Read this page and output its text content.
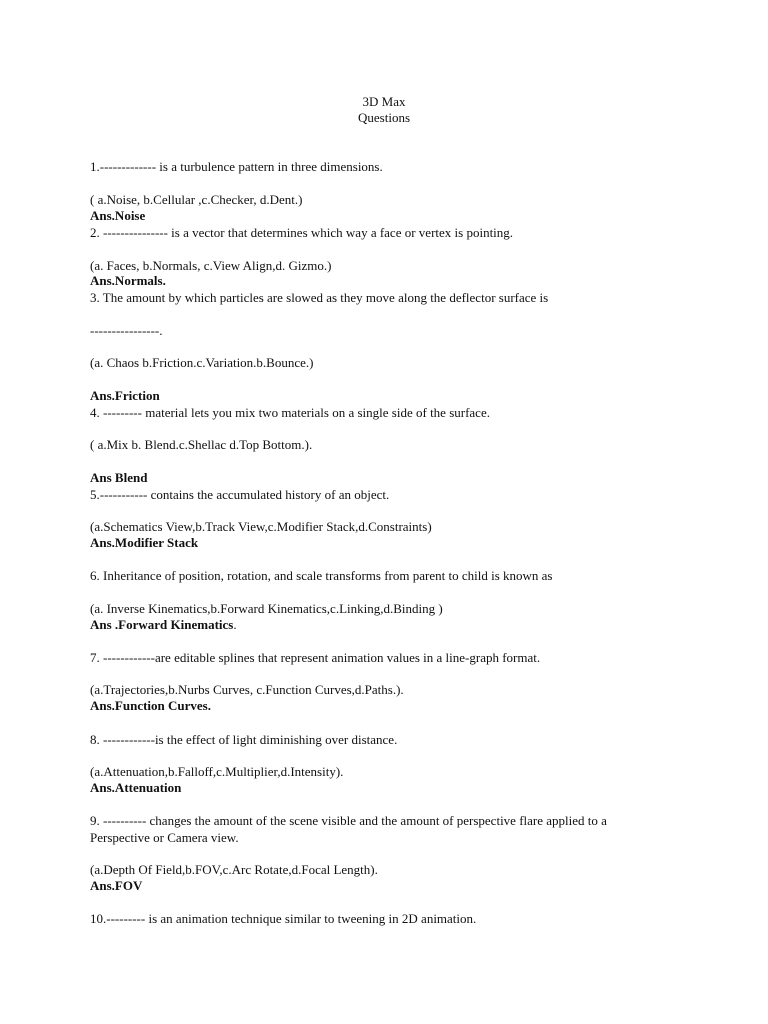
3D Max
Questions
1.------------- is a turbulence pattern in three dimensions.
( a.Noise, b.Cellular ,c.Checker, d.Dent.)
Ans.Noise
2. --------------- is a vector that determines which way a face or vertex is pointing.
(a. Faces, b.Normals, c.View Align,d. Gizmo.)
Ans.Normals.
3. The amount by which particles are slowed as they move along the deflector surface is
----------------.
(a. Chaos b.Friction.c.Variation.b.Bounce.)
Ans.Friction
4. --------- material lets you mix two materials on a single side of the surface.
( a.Mix b. Blend.c.Shellac d.Top Bottom.).
Ans Blend
5.----------- contains the accumulated history of an object.
(a.Schematics View,b.Track View,c.Modifier Stack,d.Constraints)
Ans.Modifier Stack
6. Inheritance of position, rotation, and scale transforms from parent to child is known as
(a. Inverse Kinematics,b.Forward Kinematics,c.Linking,d.Binding )
Ans .Forward Kinematics.
7. ------------are editable splines that represent animation values in a line-graph format.
(a.Trajectories,b.Nurbs Curves, c.Function Curves,d.Paths.).
Ans.Function Curves.
8. ------------is the effect of light diminishing over distance.
(a.Attenuation,b.Falloff,c.Multiplier,d.Intensity).
Ans.Attenuation
9. ---------- changes the amount of the scene visible and the amount of perspective flare applied to a
Perspective or Camera view.
(a.Depth Of Field,b.FOV,c.Arc Rotate,d.Focal Length).
Ans.FOV
10.--------- is an animation technique similar to tweening in 2D animation.
